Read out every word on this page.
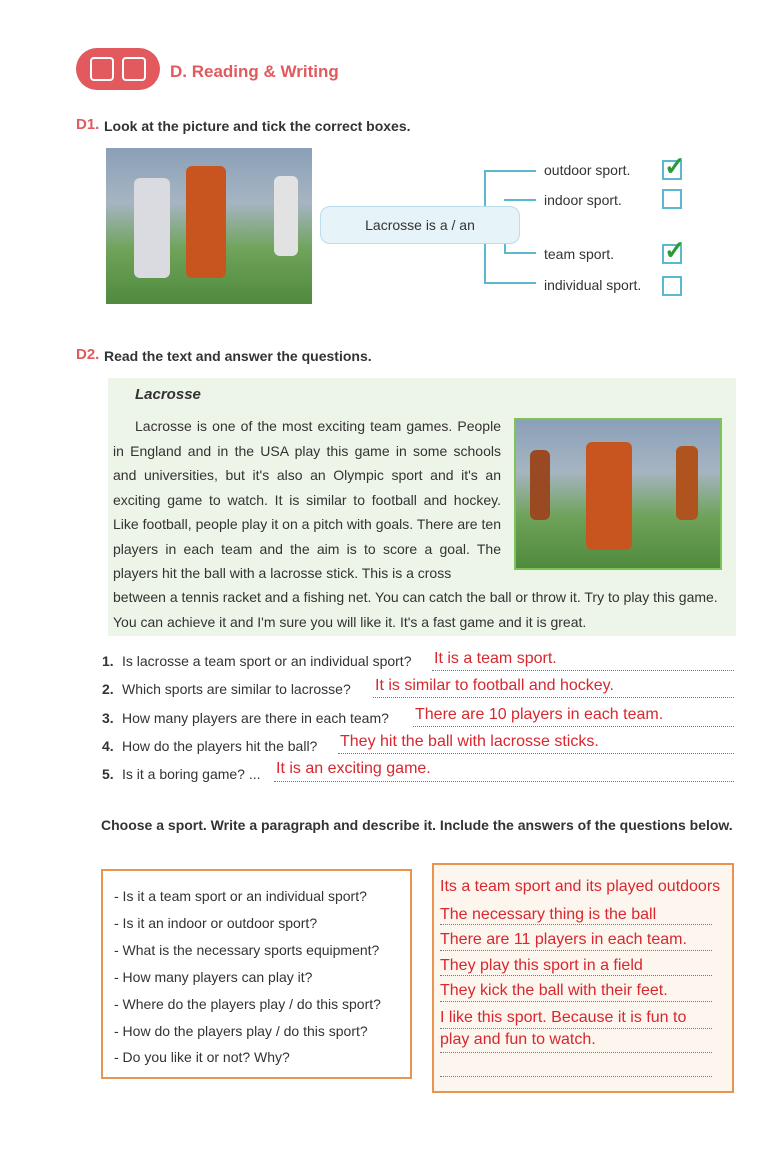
D. Reading & Writing
D1. Look at the picture and tick the correct boxes.
Lacrosse is a / an
outdoor sport.
indoor sport.
team sport.
individual sport.
✓
✓
D2. Read the text and answer the questions.
Lacrosse
Lacrosse is one of the most exciting team games. People in England and in the USA play this game in some schools and universities, but it's also an Olympic sport and it's an exciting game to watch. It is similar to football and hockey. Like football, people play it on a pitch with goals. There are ten players in each team and the aim is to score a goal. The players hit the ball with a lacrosse stick. This is a cross
between a tennis racket and a fishing net. You can catch the ball or throw it. Try to play this game. You can achieve it and I'm sure you will like it. It's a fast game and it is great.
1. Is lacrosse a team sport or an individual sport? It is a team sport.
2. Which sports are similar to lacrosse? It is similar to football and hockey.
3. How many players are there in each team? There are 10 players in each team.
4. How do the players hit the ball? They hit the ball with lacrosse sticks.
5. Is it a boring game? ... It is an exciting game.
Choose a sport. Write a paragraph and describe it. Include the answers of the questions below.
- Is it a team sport or an individual sport?
- Is it an indoor or outdoor sport?
- What is the necessary sports equipment?
- How many players can play it?
- Where do the players play / do this sport?
- How do the players play / do this sport?
- Do you like it or not? Why?
Its a team sport and its played outdoors
The necessary thing is the ball
There are 11 players in each team.
They play this sport in a field
They kick the ball with their feet.
I like this sport. Because it is fun to
play and fun to watch.
